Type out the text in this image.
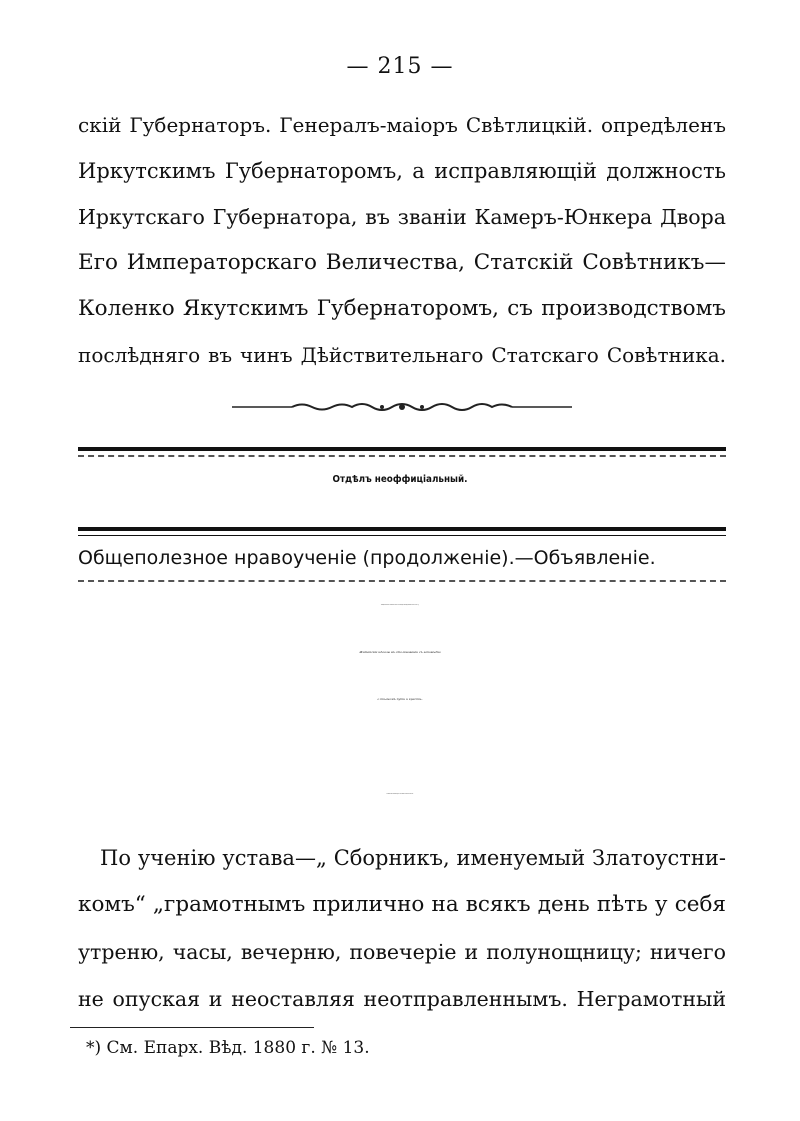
— 215 —
скій Губернаторъ. Генералъ-маіоръ Свѣтлицкій. опредѣленъ
Иркутскимъ Губернаторомъ, а исправляющій должность
Иркутскаго Губернатора, въ званіи Камеръ-Юнкера Двора
Его Императорскаго Величества, Статскій Совѣтникъ—
Коленко Якутскимъ Губернаторомъ, съ производствомъ
послѣдняго въ чинъ Дѣйствительнаго Статскаго Совѣтника.
Отдѣлъ неоффиціальный.
Общеполезное нравоученіе (продолженіе).—Объявленіе.
Общеполезное нравоученіе по поводу празднованія 900 лѣтія. *)
Житейскіе идеалы въ столкновеніи съ заповѣдію
о тѣсномъ пути и крестѣ.
Торжество заповѣди о тѣсномъ пути и крестѣ.
По ученію устава—„ Сборникъ, именуемый Златоустни-
комъ“ „грамотнымъ прилично на всякъ день пѣть у себя
утреню, часы, вечерню, повечеріе и полунощницу; ничего
не опуская и неоставляя неотправленнымъ. Неграмотный
*) См. Епарх. Вѣд. 1880 г. № 13.
